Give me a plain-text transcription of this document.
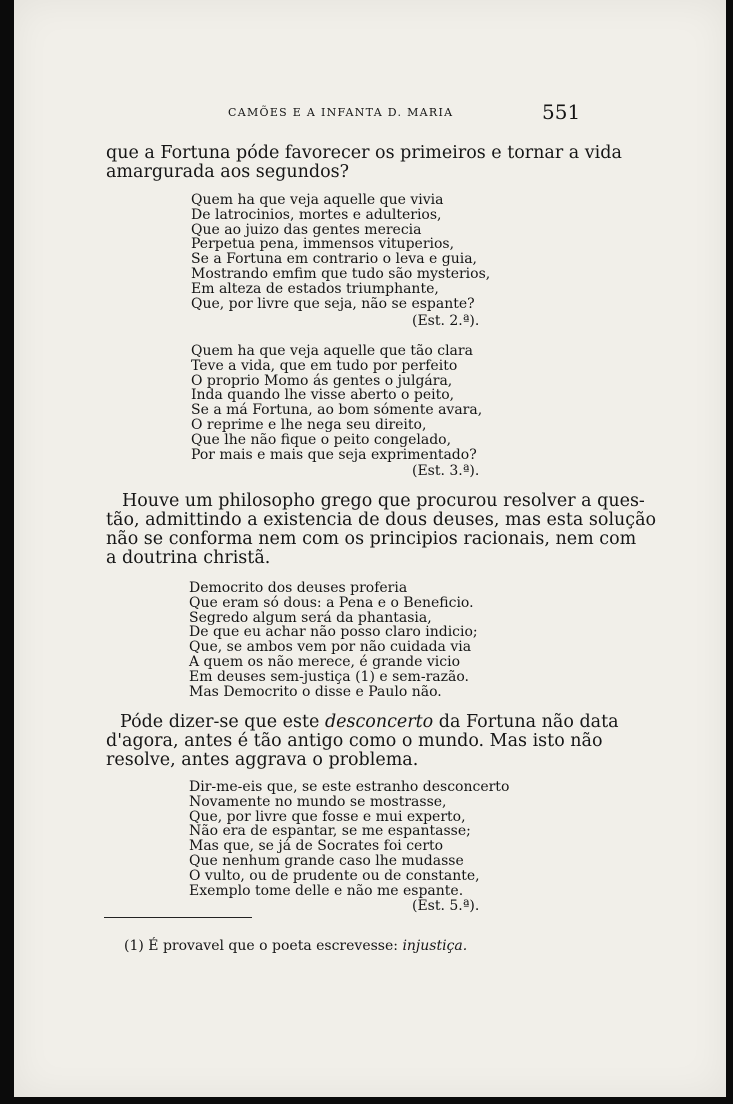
CAMÕES E A INFANTA D. MARIA	551
que a Fortuna póde favorecer os primeiros e tornar a vida
amargurada aos segundos?
Quem ha que veja aquelle que vivia
De latrocinios, mortes e adulterios,
Que ao juizo das gentes merecia
Perpetua pena, immensos vituperios,
Se a Fortuna em contrario o leva e guia,
Mostrando emfim que tudo são mysterios,
Em alteza de estados triumphante,
Que, por livre que seja, não se espante?
(Est. 2.ª).
Quem ha que veja aquelle que tão clara
Teve a vida, que em tudo por perfeito
O proprio Momo ás gentes o julgára,
Inda quando lhe visse aberto o peito,
Se a má Fortuna, ao bom sómente avara,
O reprime e lhe nega seu direito,
Que lhe não fique o peito congelado,
Por mais e mais que seja exprimentado?
(Est. 3.ª).
Houve um philosopho grego que procurou resolver a ques-
tão, admittindo a existencia de dous deuses, mas esta solução
não se conforma nem com os principios racionais, nem com
a doutrina christã.
Democrito dos deuses proferia
Que eram só dous: a Pena e o Beneficio.
Segredo algum será da phantasia,
De que eu achar não posso claro indicio;
Que, se ambos vem por não cuidada via
A quem os não merece, é grande vicio
Em deuses sem-justiça (1) e sem-razão.
Mas Democrito o disse e Paulo não.
Póde dizer-se que este desconcerto da Fortuna não data
d'agora, antes é tão antigo como o mundo. Mas isto não
resolve, antes aggrava o problema.
Dir-me-eis que, se este estranho desconcerto
Novamente no mundo se mostrasse,
Que, por livre que fosse e mui experto,
Não era de espantar, se me espantasse;
Mas que, se já de Socrates foi certo
Que nenhum grande caso lhe mudasse
O vulto, ou de prudente ou de constante,
Exemplo tome delle e não me espante.
(Est. 5.ª).
(1) É provavel que o poeta escrevesse: injustiça.
